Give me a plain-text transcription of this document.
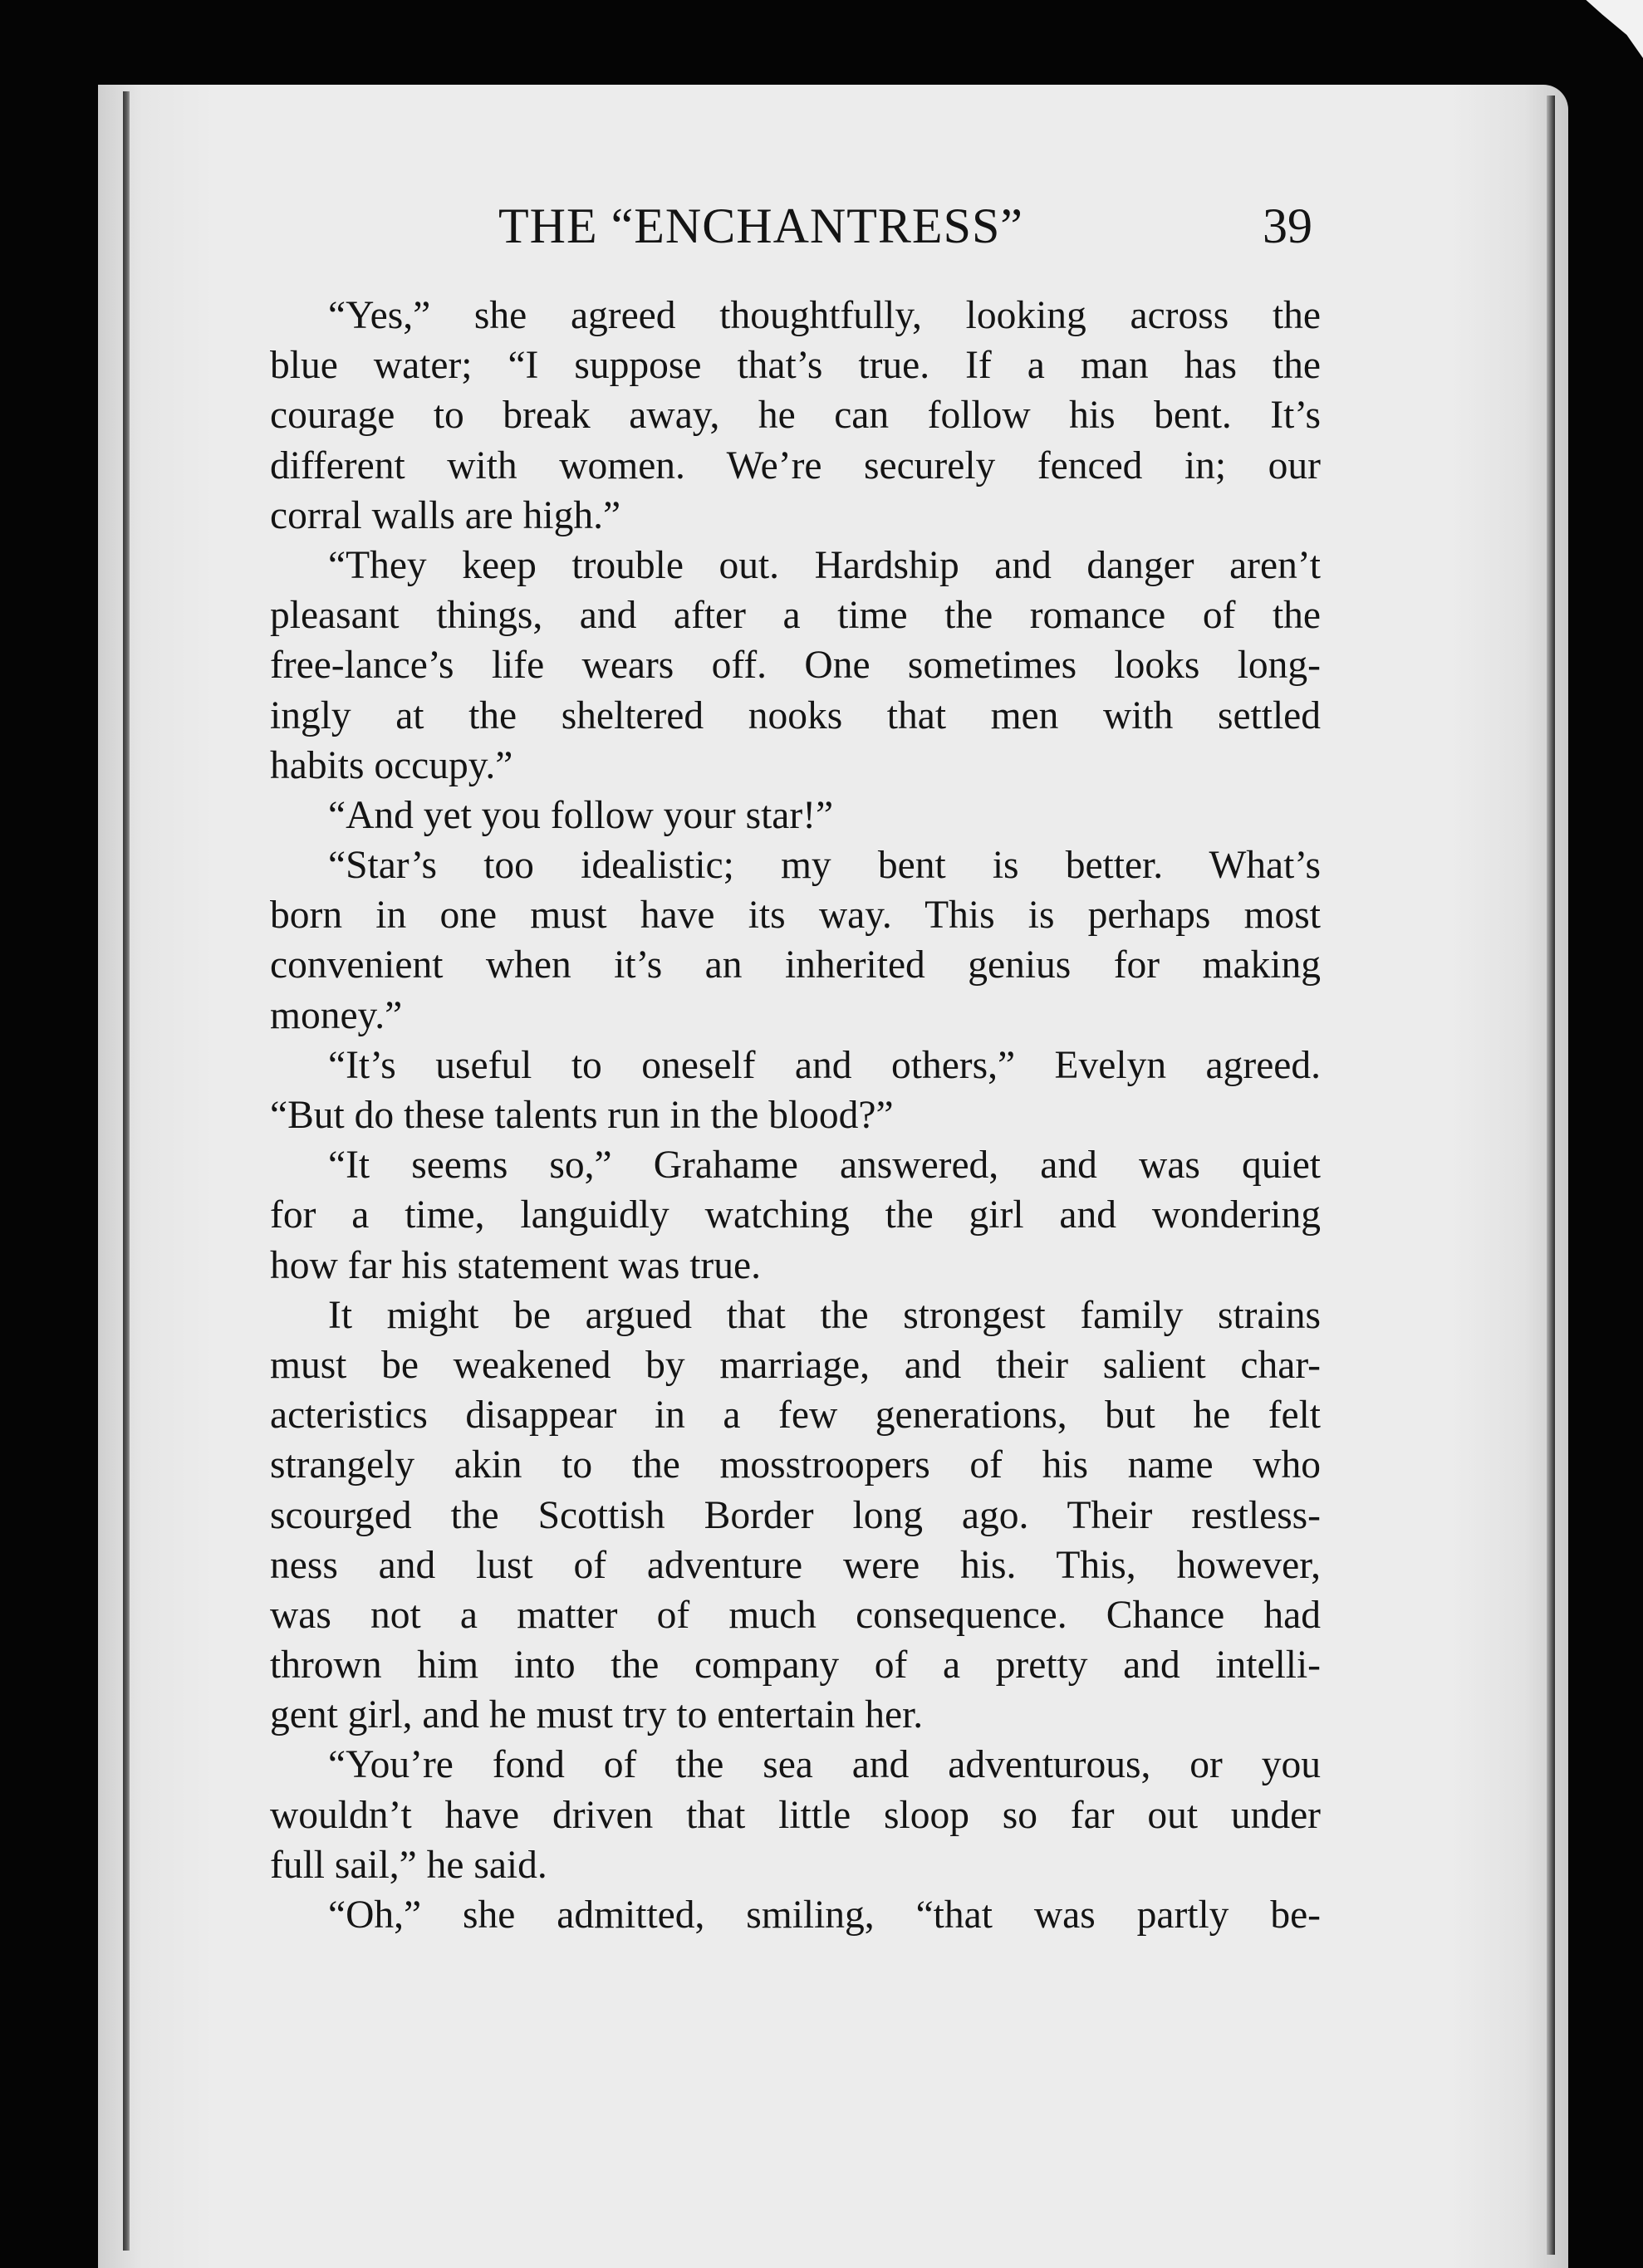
THE “ENCHANTRESS”	39
“Yes,” she agreed thoughtfully, looking across the
blue water; “I suppose that’s true. If a man has the
courage to break away, he can follow his bent. It’s
different with women. We’re securely fenced in; our
corral walls are high.”
“They keep trouble out. Hardship and danger aren’t
pleasant things, and after a time the romance of the
free-lance’s life wears off. One sometimes looks long-
ingly at the sheltered nooks that men with settled
habits occupy.”
“And yet you follow your star!”
“Star’s too idealistic; my bent is better. What’s
born in one must have its way. This is perhaps most
convenient when it’s an inherited genius for making
money.”
“It’s useful to oneself and others,” Evelyn agreed.
“But do these talents run in the blood?”
“It seems so,” Grahame answered, and was quiet
for a time, languidly watching the girl and wondering
how far his statement was true.
It might be argued that the strongest family strains
must be weakened by marriage, and their salient char-
acteristics disappear in a few generations, but he felt
strangely akin to the mosstroopers of his name who
scourged the Scottish Border long ago. Their restless-
ness and lust of adventure were his. This, however,
was not a matter of much consequence. Chance had
thrown him into the company of a pretty and intelli-
gent girl, and he must try to entertain her.
“You’re fond of the sea and adventurous, or you
wouldn’t have driven that little sloop so far out under
full sail,” he said.
“Oh,” she admitted, smiling, “that was partly be-
